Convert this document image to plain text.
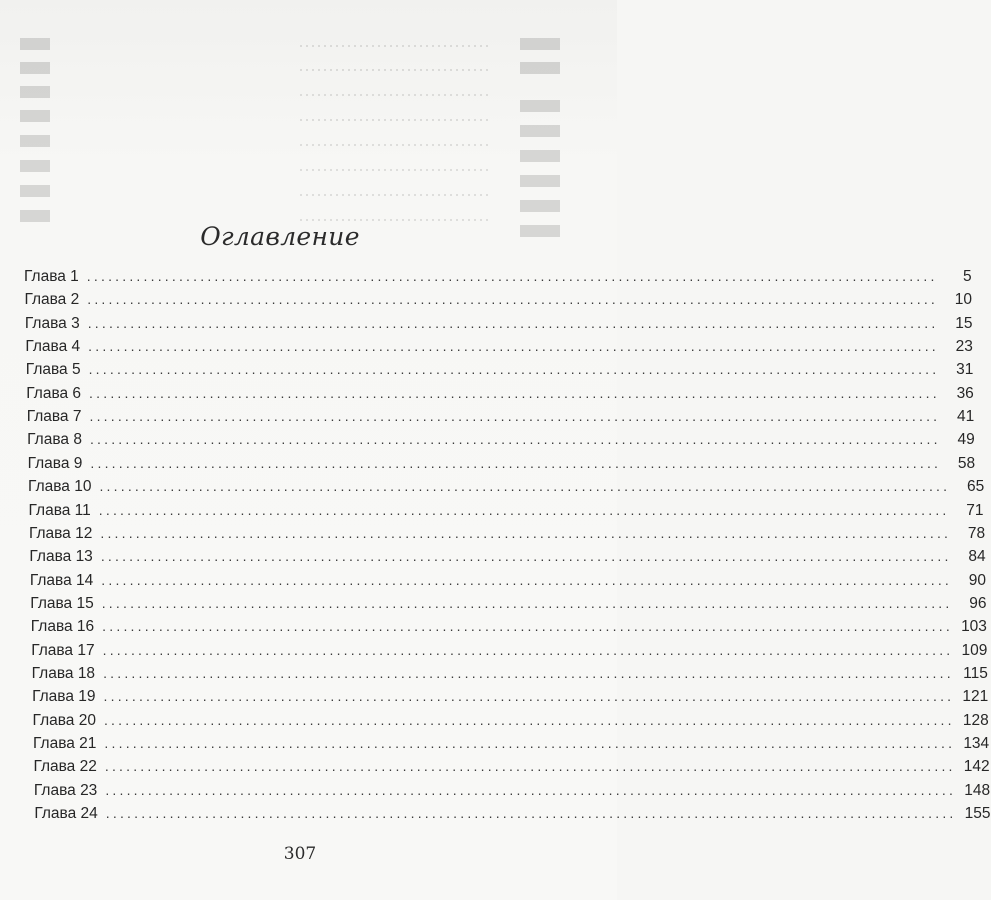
Оглавление
Глава 1 ........................................................................................................................	5
Глава 2 ........................................................................................................................	10
Глава 3 ........................................................................................................................	15
Глава 4 ........................................................................................................................	23
Глава 5 ........................................................................................................................	31
Глава 6 ........................................................................................................................	36
Глава 7 ........................................................................................................................	41
Глава 8 ........................................................................................................................	49
Глава 9 ........................................................................................................................	58
Глава 10 ........................................................................................................................	65
Глава 11 ........................................................................................................................	71
Глава 12 ........................................................................................................................	78
Глава 13 ........................................................................................................................	84
Глава 14 ........................................................................................................................	90
Глава 15 ........................................................................................................................	96
Глава 16 ........................................................................................................................ 103
Глава 17 ........................................................................................................................ 109
Глава 18 ........................................................................................................................ 115
Глава 19 ........................................................................................................................ 121
Глава 20 ........................................................................................................................ 128
Глава 21 ........................................................................................................................ 134
Глава 22 ........................................................................................................................ 142
Глава 23 ........................................................................................................................ 148
Глава 24 ........................................................................................................................ 155
307
